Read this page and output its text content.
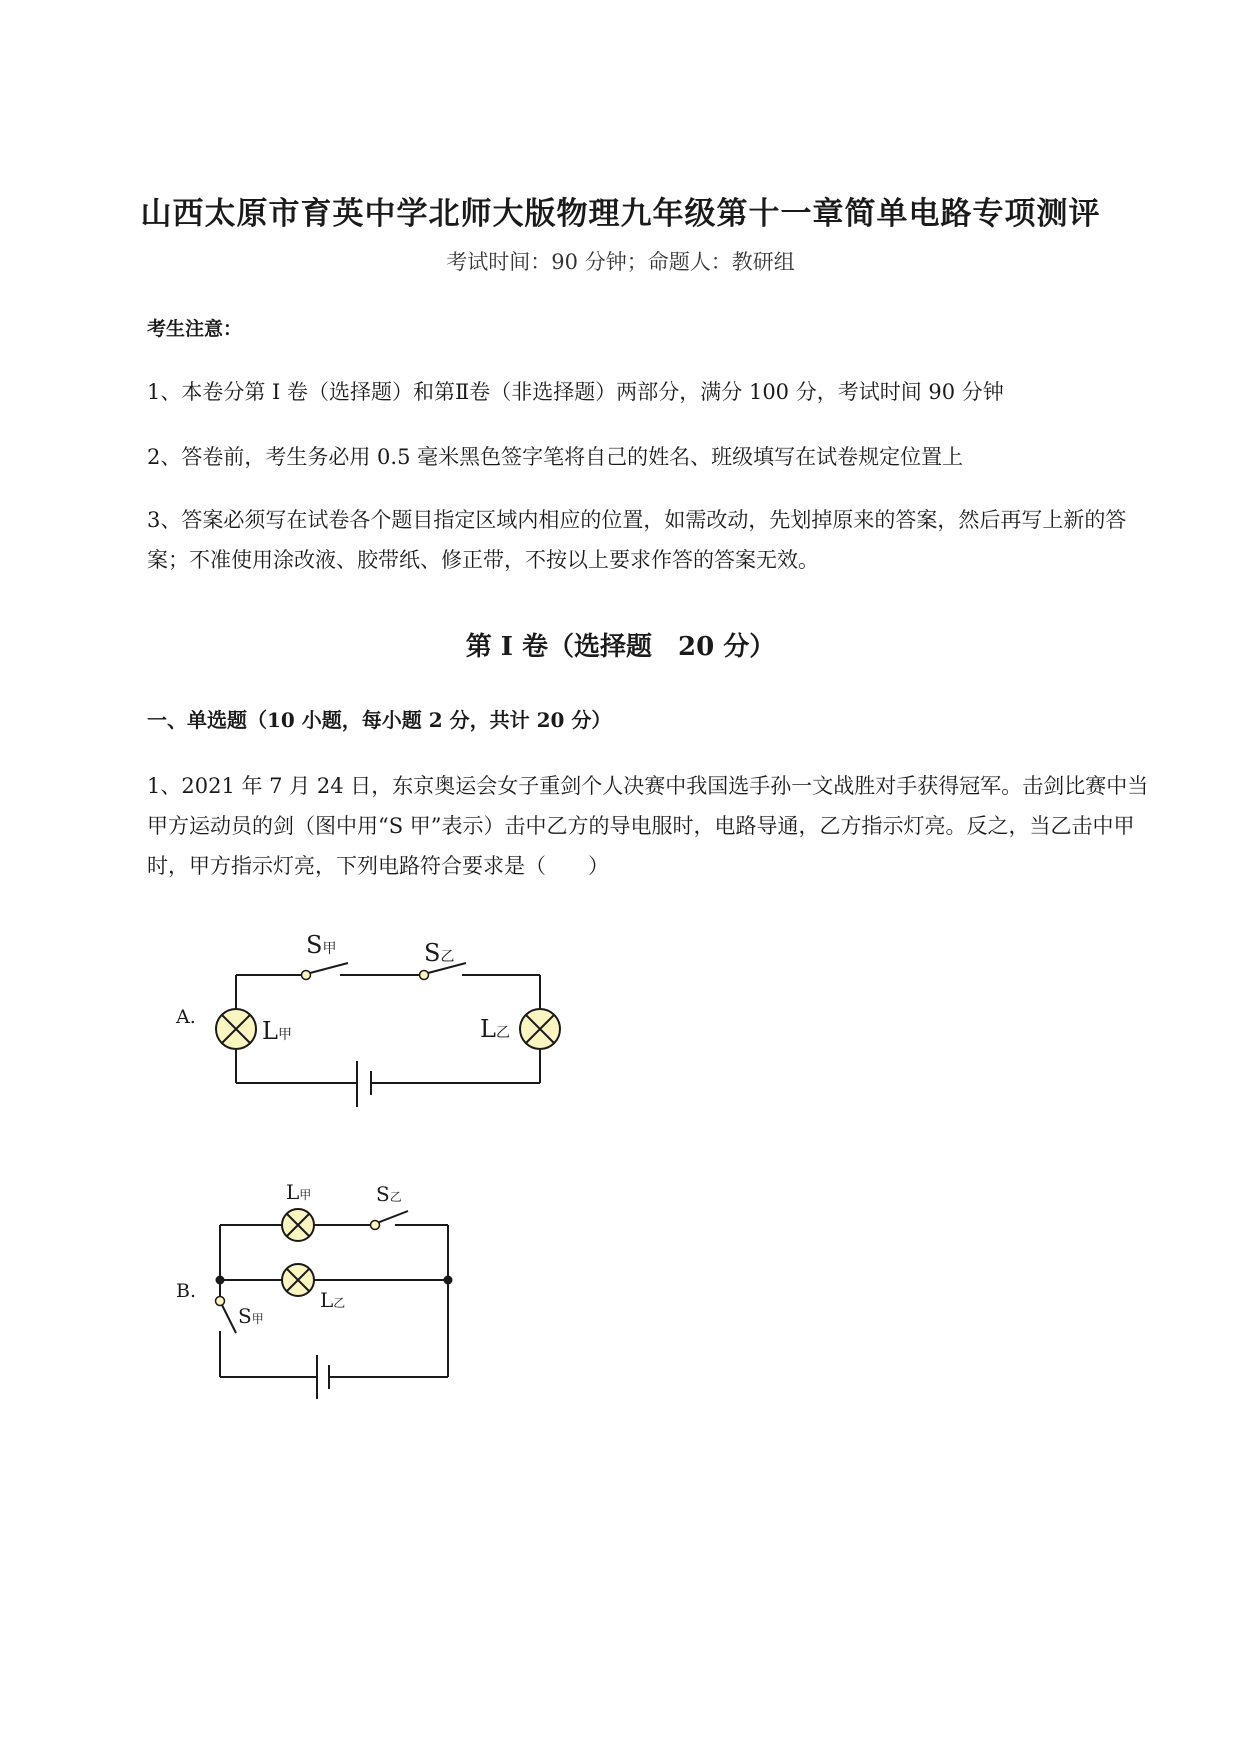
山西太原市育英中学北师大版物理九年级第十一章简单电路专项测评
考试时间：90 分钟；命题人：教研组
考生注意：
1、本卷分第 I 卷（选择题）和第Ⅱ卷（非选择题）两部分，满分 100 分，考试时间 90 分钟
2、答卷前，考生务必用 0.5 毫米黑色签字笔将自己的姓名、班级填写在试卷规定位置上
3、答案必须写在试卷各个题目指定区域内相应的位置，如需改动，先划掉原来的答案，然后再写上新的答案；不准使用涂改液、胶带纸、修正带，不按以上要求作答的答案无效。
第 I 卷（选择题　20 分）
一、单选题（10 小题，每小题 2 分，共计 20 分）
1、2021 年 7 月 24 日，东京奥运会女子重剑个人决赛中我国选手孙一文战胜对手获得冠军。击剑比赛中当甲方运动员的剑（图中用“S 甲”表示）击中乙方的导电服时，电路导通，乙方指示灯亮。反之，当乙击中甲时，甲方指示灯亮，下列电路符合要求是（　　）
A.
S甲	S乙
L甲	L乙
B.
L甲	S乙
L乙
S甲
